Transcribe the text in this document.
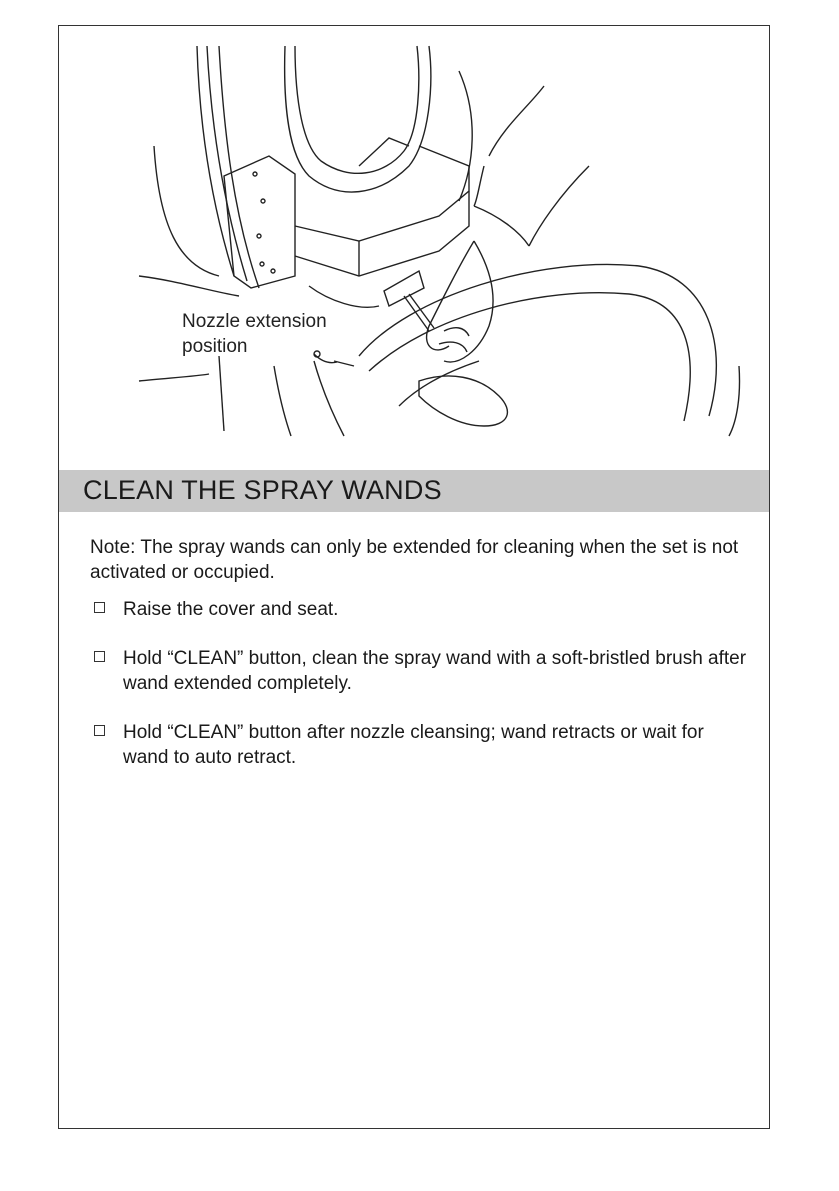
Nozzle extension
position
CLEAN THE SPRAY WANDS

Note: The spray wands can only be extended for cleaning when the set is not activated or occupied.

Raise the cover and seat.
Hold “CLEAN” button, clean the spray wand with a soft-bristled brush after wand extended completely.
Hold “CLEAN” button after nozzle cleansing; wand retracts or wait for wand to auto retract.
